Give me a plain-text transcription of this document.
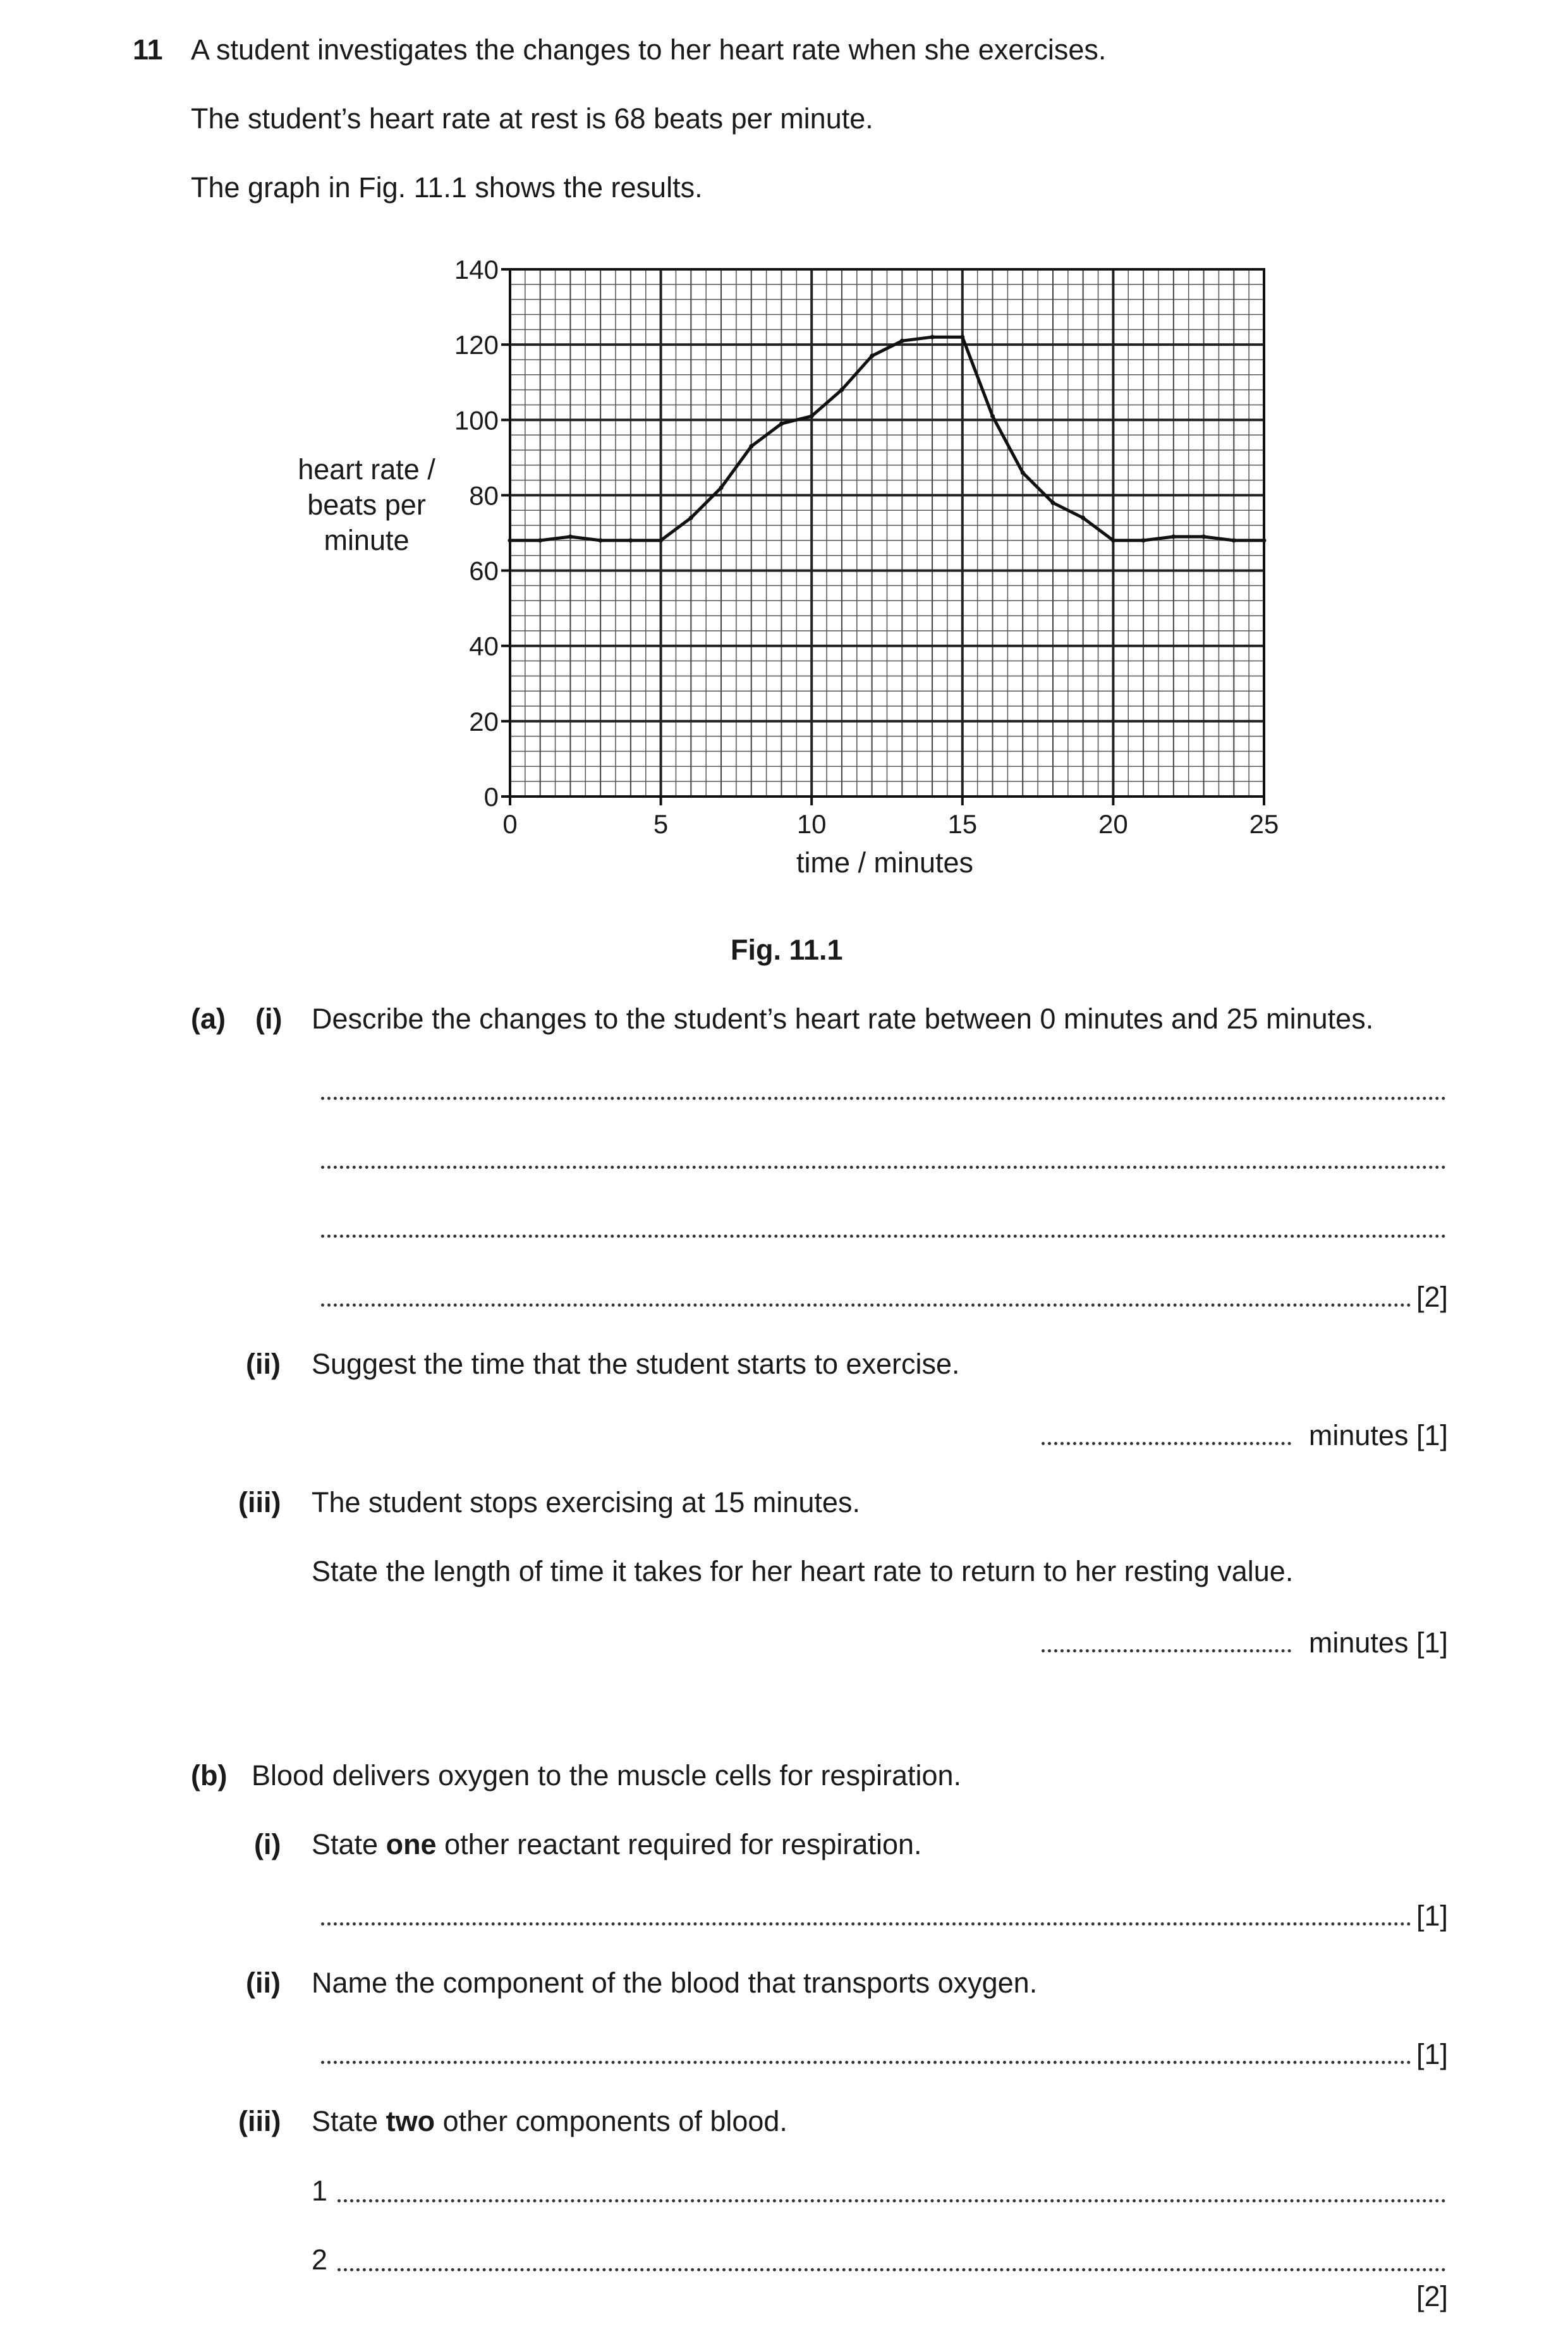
11 A student investigates the changes to her heart rate when she exercises.
The student’s heart rate at rest is 68 beats per minute.
The graph in Fig. 11.1 shows the results.
heart rate /
beats per
minute
0
20
40
60
80
100
120
140
0	5	10	15	20	25
time / minutes
Fig. 11.1
(a) (i) Describe the changes to the student’s heart rate between 0 minutes and 25 minutes.
[2]
(ii) Suggest the time that the student starts to exercise.
minutes [1]
(iii) The student stops exercising at 15 minutes.
State the length of time it takes for her heart rate to return to her resting value.
minutes [1]
(b) Blood delivers oxygen to the muscle cells for respiration.
(i) State one other reactant required for respiration.
[1]
(ii) Name the component of the blood that transports oxygen.
[1]
(iii) State two other components of blood.
1
2
[2]
